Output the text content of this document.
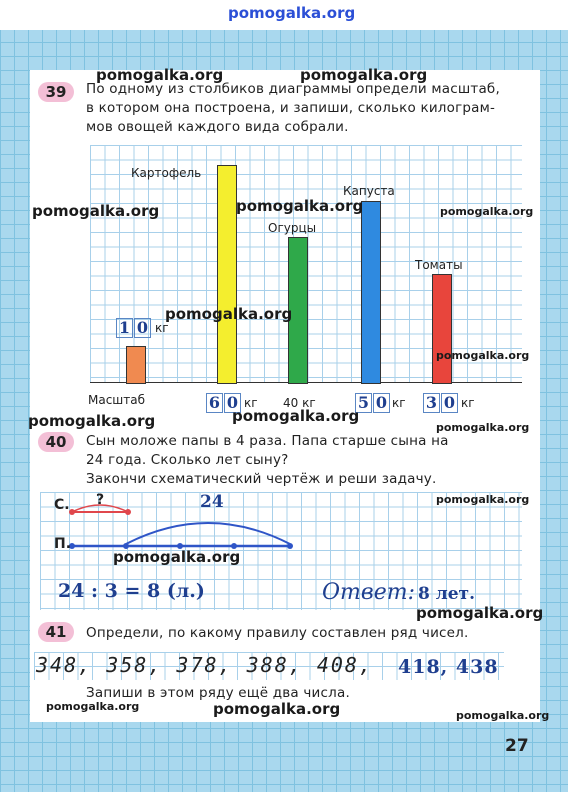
pomogalka.org
39	По одному из столбиков диаграммы определи масштаб,
в котором она построена, и запиши, сколько килограм-
мов овощей каждого вида собрали.
Картофель
Огурцы
Капуста
Томаты
1 0 кг
Масштаб	6 0 кг 40 кг	5 0 кг 3 0 кг
40	Сын моложе папы в 4 раза. Папа старше сына на
24 года. Сколько лет сыну?
Закончи схематический чертёж и реши задачу.
С. ?
П.
24
24 : 3 = 8 (л.)	Ответ: 8 лет.
41	Определи, по какому правилу составлен ряд чисел.
348, 358, 378, 388, 408, 418, 438
Запиши в этом ряду ещё два числа.
27
pomogalka.org	pomogalka.org
pomogalka.org	pomogalka.org	pomogalka.org
pomogalka.org
pomogalka.org
pomogalka.org	pomogalka.org
pomogalka.org
pomogalka.org
pomogalka.org
pomogalka.org
pomogalka.org	pomogalka.org	pomogalka.org
